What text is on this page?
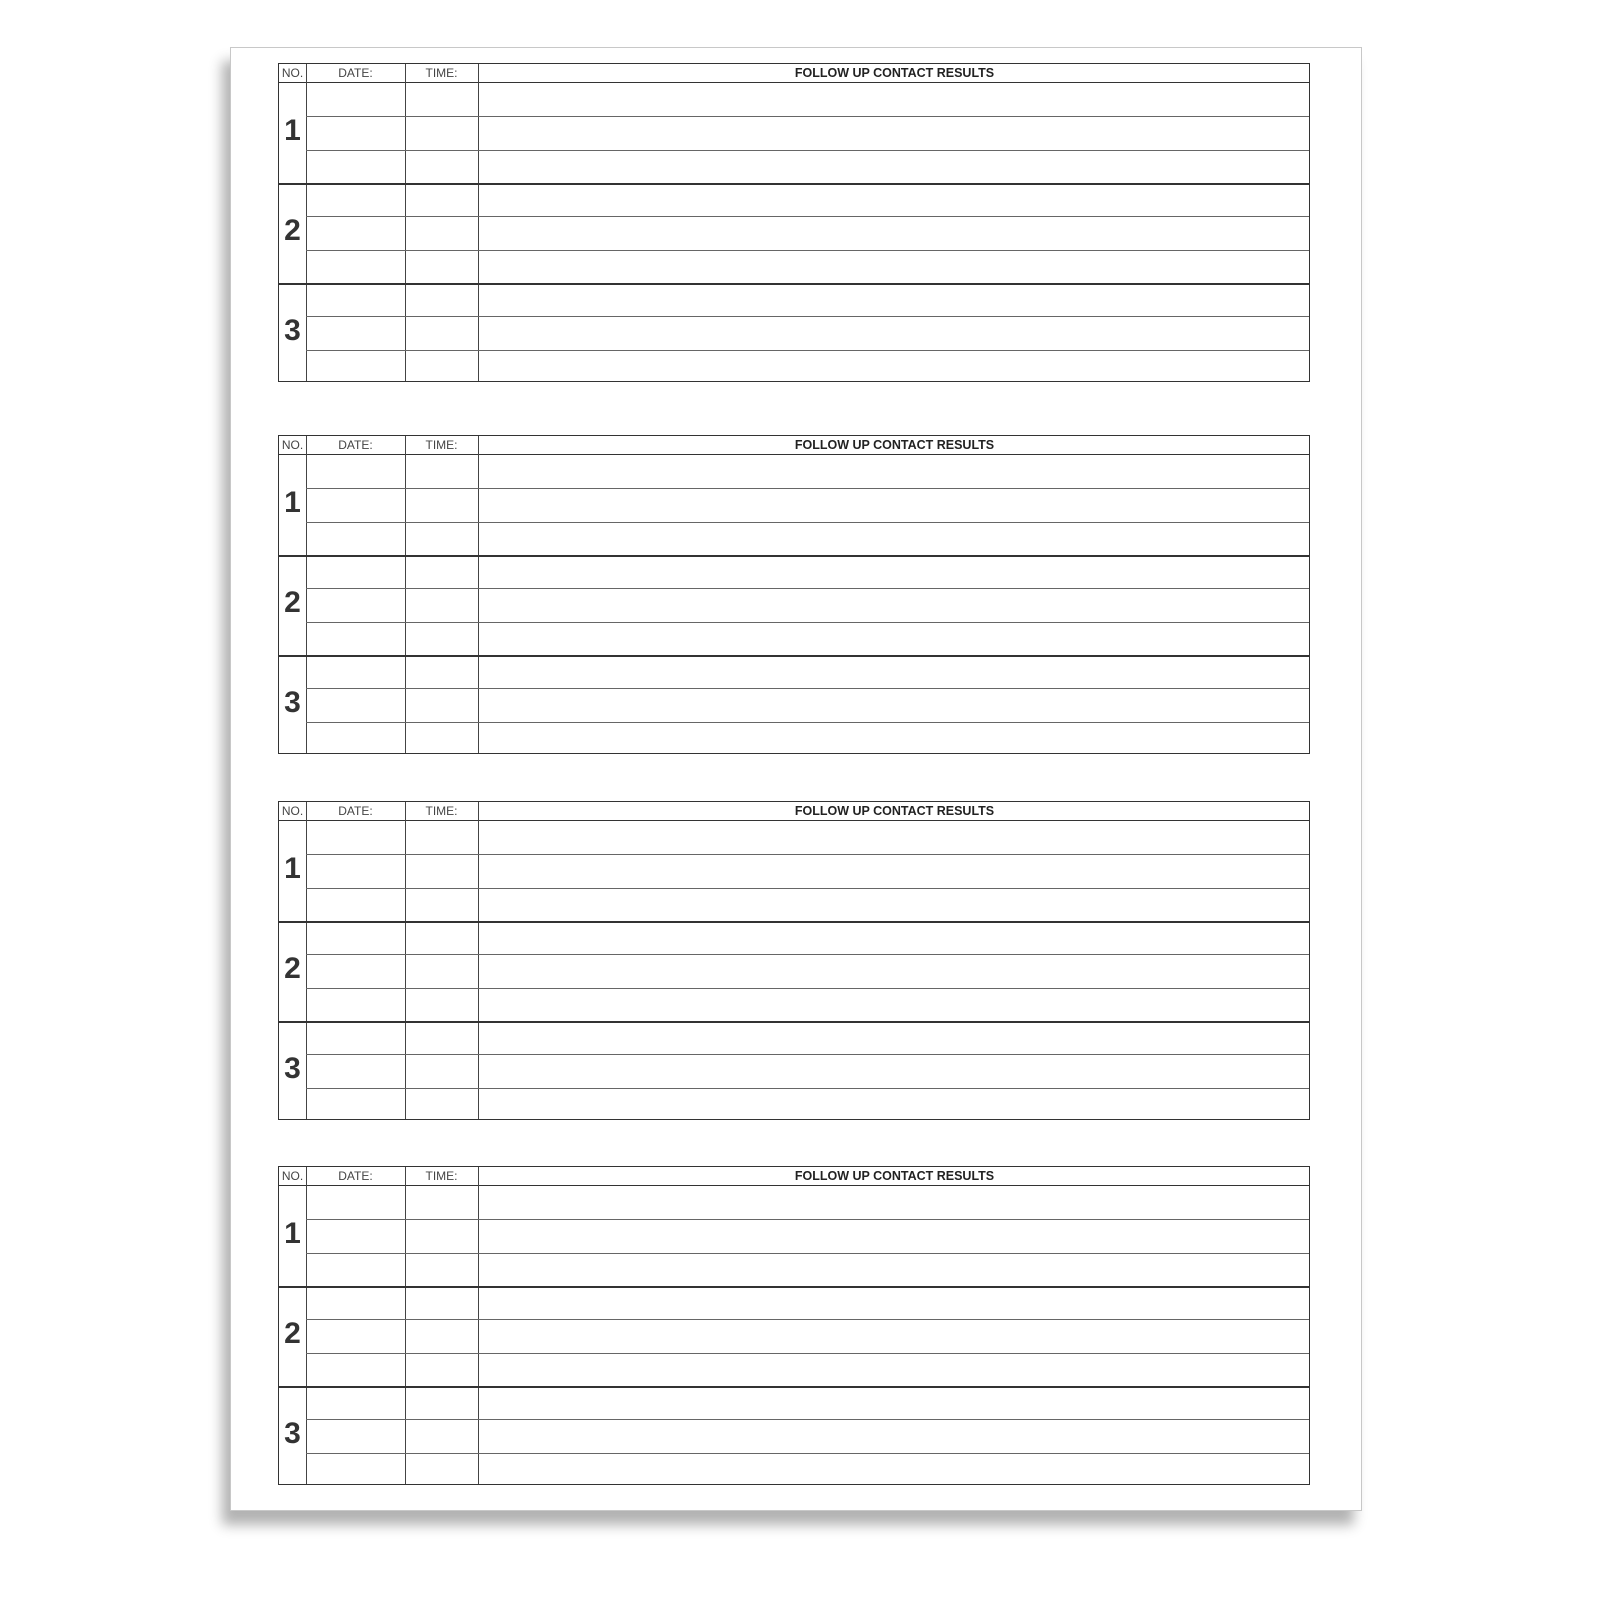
NO.	DATE:	TIME:	FOLLOW UP CONTACT RESULTS
1
2
3
NO.	DATE:	TIME:	FOLLOW UP CONTACT RESULTS
1
2
3
NO.	DATE:	TIME:	FOLLOW UP CONTACT RESULTS
1
2
3
NO.	DATE:	TIME:	FOLLOW UP CONTACT RESULTS
1
2
3
